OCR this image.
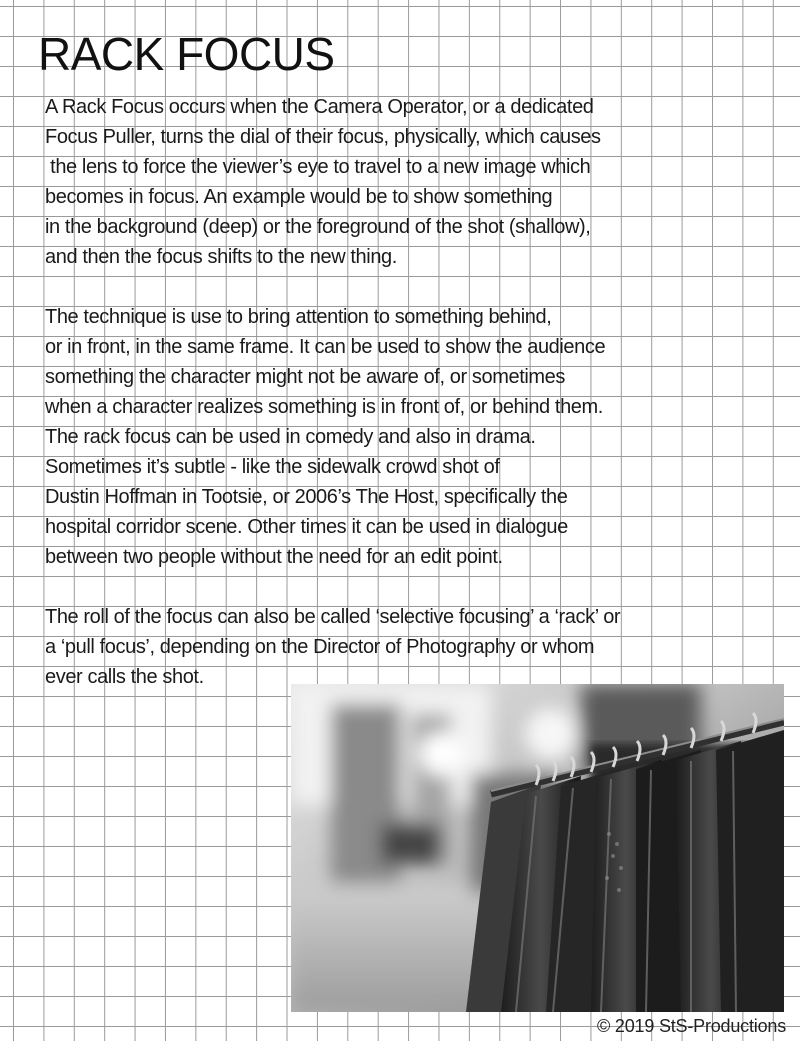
RACK FOCUS

A Rack Focus occurs when the Camera Operator, or a dedicated
Focus Puller, turns the dial of their focus, physically, which causes
the lens to force the viewer’s eye to travel to a new image which
becomes in focus. An example would be to show something
in the background (deep) or the foreground of the shot (shallow),
and then the focus shifts to the new thing.

The technique is use to bring attention to something behind,
or in front, in the same frame. It can be used to show the audience
something the character might not be aware of, or sometimes
when a character realizes something is in front of, or behind them.
The rack focus can be used in comedy and also in drama.
Sometimes it’s subtle - like the sidewalk crowd shot of
Dustin Hoffman in Tootsie, or 2006’s The Host, specifically the
hospital corridor scene. Other times it can be used in dialogue
between two people without the need for an edit point.

The roll of the focus can also be called ‘selective focusing’ a ‘rack’ or
a ‘pull focus’, depending on the Director of Photography or whom
ever calls the shot.

© 2019 StS-Productions
